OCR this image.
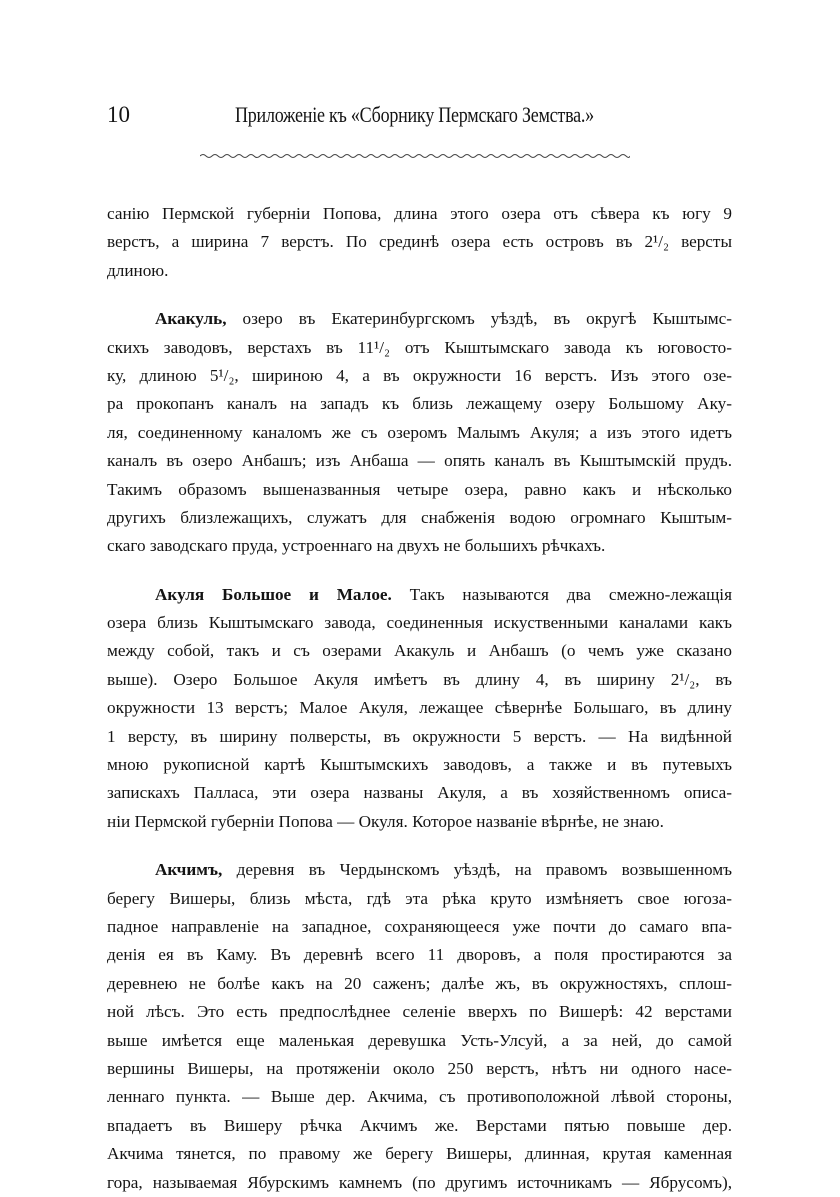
10	Приложенiе къ «Сборнику Пермскаго Земства.»

санiю Пермской губернiи Попова, длина этого озера отъ сѣвера къ югу 9
верстъ, а ширина 7 верстъ. По срединѣ озера есть островъ въ 2¹/₂ версты
длиною.

Акакуль, озеро въ Екатеринбургскомъ уѣздѣ, въ округѣ Кыштымс-
скихъ заводовъ, верстахъ въ 11¹/₂ отъ Кыштымскаго завода къ юговосто-
ку, длиною 5¹/₂, шириною 4, а въ окружности 16 верстъ. Изъ этого озе-
ра прокопанъ каналъ на западъ къ близь лежащему озеру Большому Аку-
ля, соединенному каналомъ же съ озеромъ Малымъ Акуля; а изъ этого идетъ
каналъ въ озеро Анбашъ; изъ Анбаша — опять каналъ въ Кыштымскiй прудъ.
Такимъ образомъ вышеназванныя четыре озера, равно какъ и нѣсколько
другихъ близлежащихъ, служатъ для снабженiя водою огромнаго Кыштым-
скаго заводскаго пруда, устроеннаго на двухъ не большихъ рѣчкахъ.

Акуля Большое и Малое. Такъ называются два смежно-лежащiя
озера близь Кыштымскаго завода, соединенныя искуственными каналами какъ
между собой, такъ и съ озерами Акакуль и Анбашъ (о чемъ уже сказано
выше). Озеро Большое Акуля имѣетъ въ длину 4, въ ширину 2¹/₂, въ
окружности 13 верстъ; Малое Акуля, лежащее сѣвернѣе Большаго, въ длину
1 версту, въ ширину полверсты, въ окружности 5 верстъ. — На видѣнной
мною рукописной картѣ Кыштымскихъ заводовъ, а также и въ путевыхъ
запискахъ Палласа, эти озера названы Акуля, а въ хозяйственномъ описа-
нiи Пермской губернiи Попова — Окуля. Которое названiе вѣрнѣе, не знаю.

Акчимъ, деревня въ Чердынскомъ уѣздѣ, на правомъ возвышенномъ
берегу Вишеры, близь мѣста, гдѣ эта рѣка круто измѣняетъ свое югоза-
падное направленiе на западное, сохраняющееся уже почти до самаго впа-
денiя ея въ Каму. Въ деревнѣ всего 11 дворовъ, а поля простираются за
деревнею не болѣе какъ на 20 саженъ; далѣе жъ, въ окружностяхъ, сплош-
ной лѣсъ. Это есть предпослѣднее селенiе вверхъ по Вишерѣ: 42 верстами
выше имѣется еще маленькая деревушка Усть-Улсуй, а за ней, до самой
вершины Вишеры, на протяженiи около 250 верстъ, нѣтъ ни одного насе-
леннаго пункта. — Выше дер. Акчима, съ противоположной лѣвой стороны,
впадаетъ въ Вишеру рѣчка Акчимъ же. Верстами пятью повыше дер.
Акчима тянется, по правому же берегу Вишеры, длинная, крутая каменная
гора, называемая Ябурскимъ камнемъ (по другимъ источникамъ — Ябрусомъ),
